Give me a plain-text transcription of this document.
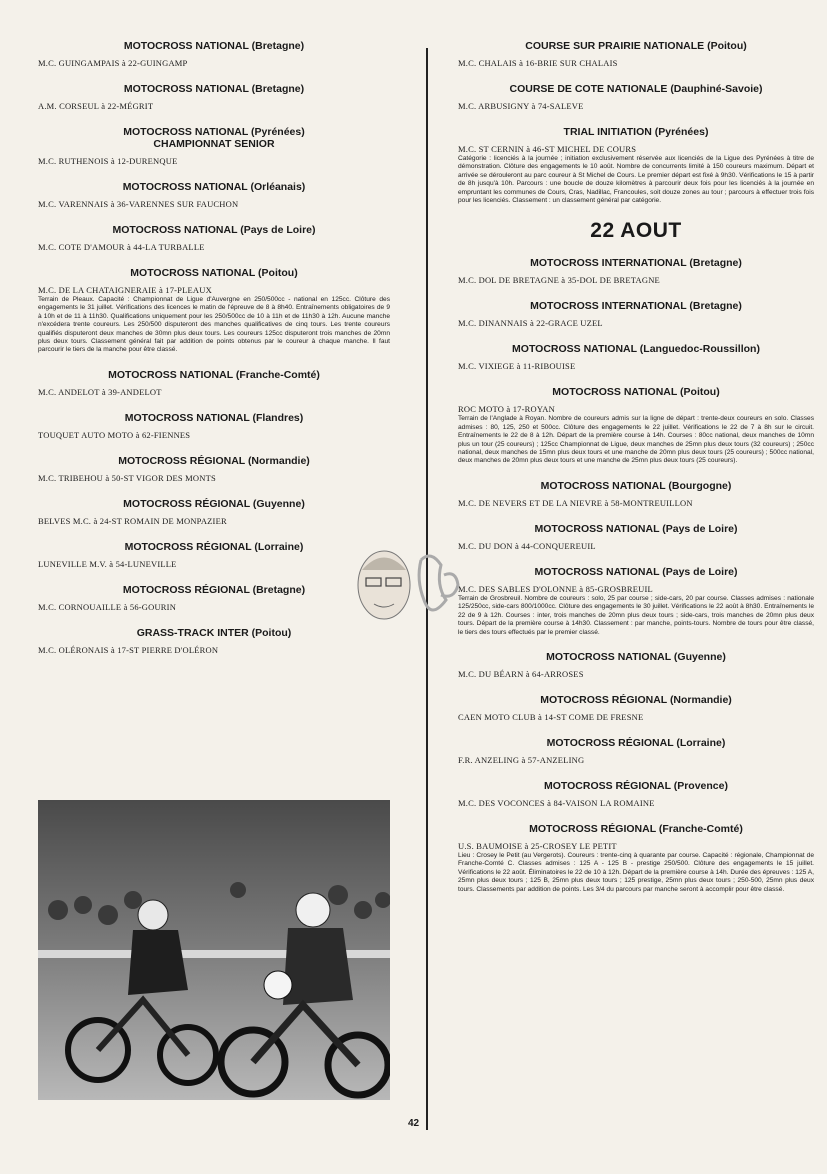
MOTOCROSS NATIONAL (Bretagne)
M.C. GUINGAMPAIS à 22-GUINGAMP
MOTOCROSS NATIONAL (Bretagne)
A.M. CORSEUL à 22-MÉGRIT
MOTOCROSS NATIONAL (Pyrénées)
CHAMPIONNAT SENIOR
M.C. RUTHENOIS à 12-DURENQUE
MOTOCROSS NATIONAL (Orléanais)
M.C. VARENNAIS à 36-VARENNES SUR FAUCHON
MOTOCROSS NATIONAL (Pays de Loire)
M.C. COTE D'AMOUR à 44-LA TURBALLE
MOTOCROSS NATIONAL (Poitou)
M.C. DE LA CHATAIGNERAIE à 17-PLEAUX
Terrain de Pleaux. Capacité : Championnat de Ligue d'Auvergne en 250/500cc - national en 125cc. Clôture des engagements le 31 juillet. Vérifications des licences le matin de l'épreuve de 8 à 8h40. Entraînements obligatoires de 9 à 10h et de 11 à 11h30. Qualifications uniquement pour les 250/500cc de 10 à 11h et de 11h30 à 12h. Aucune manche n'excédera trente coureurs. Les 250/500 disputeront des manches qualificatives de cinq tours. Les trente coureurs qualifiés disputeront deux manches de 30mn plus deux tours. Les coureurs 125cc disputeront trois manches de 20mn plus deux tours. Classement général fait par addition de points obtenus par le coureur à chaque manche. Il faut parcourir le tiers de la manche pour être classé.
MOTOCROSS NATIONAL (Franche-Comté)
M.C. ANDELOT à 39-ANDELOT
MOTOCROSS NATIONAL (Flandres)
TOUQUET AUTO MOTO à 62-FIENNES
MOTOCROSS RÉGIONAL (Normandie)
M.C. TRIBEHOU à 50-ST VIGOR DES MONTS
MOTOCROSS RÉGIONAL (Guyenne)
BELVES M.C. à 24-ST ROMAIN DE MONPAZIER
MOTOCROSS RÉGIONAL (Lorraine)
LUNEVILLE M.V. à 54-LUNEVILLE
MOTOCROSS RÉGIONAL (Bretagne)
M.C. CORNOUAILLE à 56-GOURIN
GRASS-TRACK INTER (Poitou)
M.C. OLÉRONAIS à 17-ST PIERRE D'OLÉRON
COURSE SUR PRAIRIE NATIONALE (Poitou)
M.C. CHALAIS à 16-BRIE SUR CHALAIS
COURSE DE COTE NATIONALE (Dauphiné-Savoie)
M.C. ARBUSIGNY à 74-SALEVE
TRIAL INITIATION (Pyrénées)
M.C. ST CERNIN à 46-ST MICHEL DE COURS
Catégorie : licenciés à la journée ; initiation exclusivement réservée aux licenciés de la Ligue des Pyrénées à titre de démonstration. Clôture des engagements le 10 août. Nombre de concurrents limité à 150 coureurs maximum. Départ et arrivée se dérouleront au parc coureur à St Michel de Cours. Le premier départ est fixé à 9h30. Vérifications le 15 à partir de 8h jusqu'à 10h. Parcours : une boucle de douze kilomètres à parcourir deux fois pour les licenciés à la journée en empruntant les communes de Cours, Cras, Nadillac, Francoules, soit douze zones au tour ; parcours à effectuer trois fois pour les licenciés. Classement : un classement général par catégorie.
22 AOUT
MOTOCROSS INTERNATIONAL (Bretagne)
M.C. DOL DE BRETAGNE à 35-DOL DE BRETAGNE
MOTOCROSS INTERNATIONAL (Bretagne)
M.C. DINANNAIS à 22-GRACE UZEL
MOTOCROSS NATIONAL (Languedoc-Roussillon)
M.C. VIXIEGE à 11-RIBOUISE
MOTOCROSS NATIONAL (Poitou)
ROC MOTO à 17-ROYAN
Terrain de l'Anglade à Royan. Nombre de coureurs admis sur la ligne de départ : trente-deux coureurs en solo. Classes admises : 80, 125, 250 et 500cc. Clôture des engagements le 22 juillet. Vérifications le 22 de 7 à 8h sur le circuit. Entraînements le 22 de 8 à 12h. Départ de la première course à 14h. Courses : 80cc national, deux manches de 10mn plus un tour (25 coureurs) ; 125cc Championnat de Ligue, deux manches de 25mn plus deux tours (32 coureurs) ; 250cc national, deux manches de 15mn plus deux tours et une manche de 20mn plus deux tours (25 coureurs) ; 500cc national, deux manches de 20mn plus deux tours et une manche de 25mn plus deux tours (25 coureurs).
MOTOCROSS NATIONAL (Bourgogne)
M.C. DE NEVERS ET DE LA NIEVRE à 58-MONTREUILLON
MOTOCROSS NATIONAL (Pays de Loire)
M.C. DU DON à 44-CONQUEREUIL
MOTOCROSS NATIONAL (Pays de Loire)
M.C. DES SABLES D'OLONNE à 85-GROSBREUIL
Terrain de Grosbreuil. Nombre de coureurs : solo, 25 par course ; side-cars, 20 par course. Classes admises : nationale 125/250cc, side-cars 800/1000cc. Clôture des engagements le 30 juillet. Vérifications le 22 août à 8h30. Entraînements le 22 de 9 à 12h. Courses : inter, trois manches de 20mn plus deux tours ; side-cars, trois manches de 20mn plus deux tours. Départ de la première course à 14h30. Classement : par manche, points-tours. Nombre de tours pour être classé, le tiers des tours effectués par le premier classé.
MOTOCROSS NATIONAL (Guyenne)
M.C. DU BÉARN à 64-ARROSES
MOTOCROSS RÉGIONAL (Normandie)
CAEN MOTO CLUB à 14-ST COME DE FRESNE
MOTOCROSS RÉGIONAL (Lorraine)
F.R. ANZELING à 57-ANZELING
MOTOCROSS RÉGIONAL (Provence)
M.C. DES VOCONCES à 84-VAISON LA ROMAINE
MOTOCROSS RÉGIONAL (Franche-Comté)
U.S. BAUMOISE à 25-CROSEY LE PETIT
Lieu : Crosey le Petit (au Vergerots). Coureurs : trente-cinq à quarante par course. Capacité : régionale, Championnat de Franche-Comté C. Classes admises : 125 A - 125 B - prestige 250/500. Clôture des engagements le 15 juillet. Vérifications le 22 août. Éliminatoires le 22 de 10 à 12h. Départ de la première course à 14h. Durée des épreuves : 125 A, 25mn plus deux tours ; 125 B, 25mn plus deux tours ; 125 prestige, 25mn plus deux tours ; 250-500, 25mn plus deux tours. Classements par addition de points. Les 3/4 du parcours par manche seront à accomplir pour être classé.
42
